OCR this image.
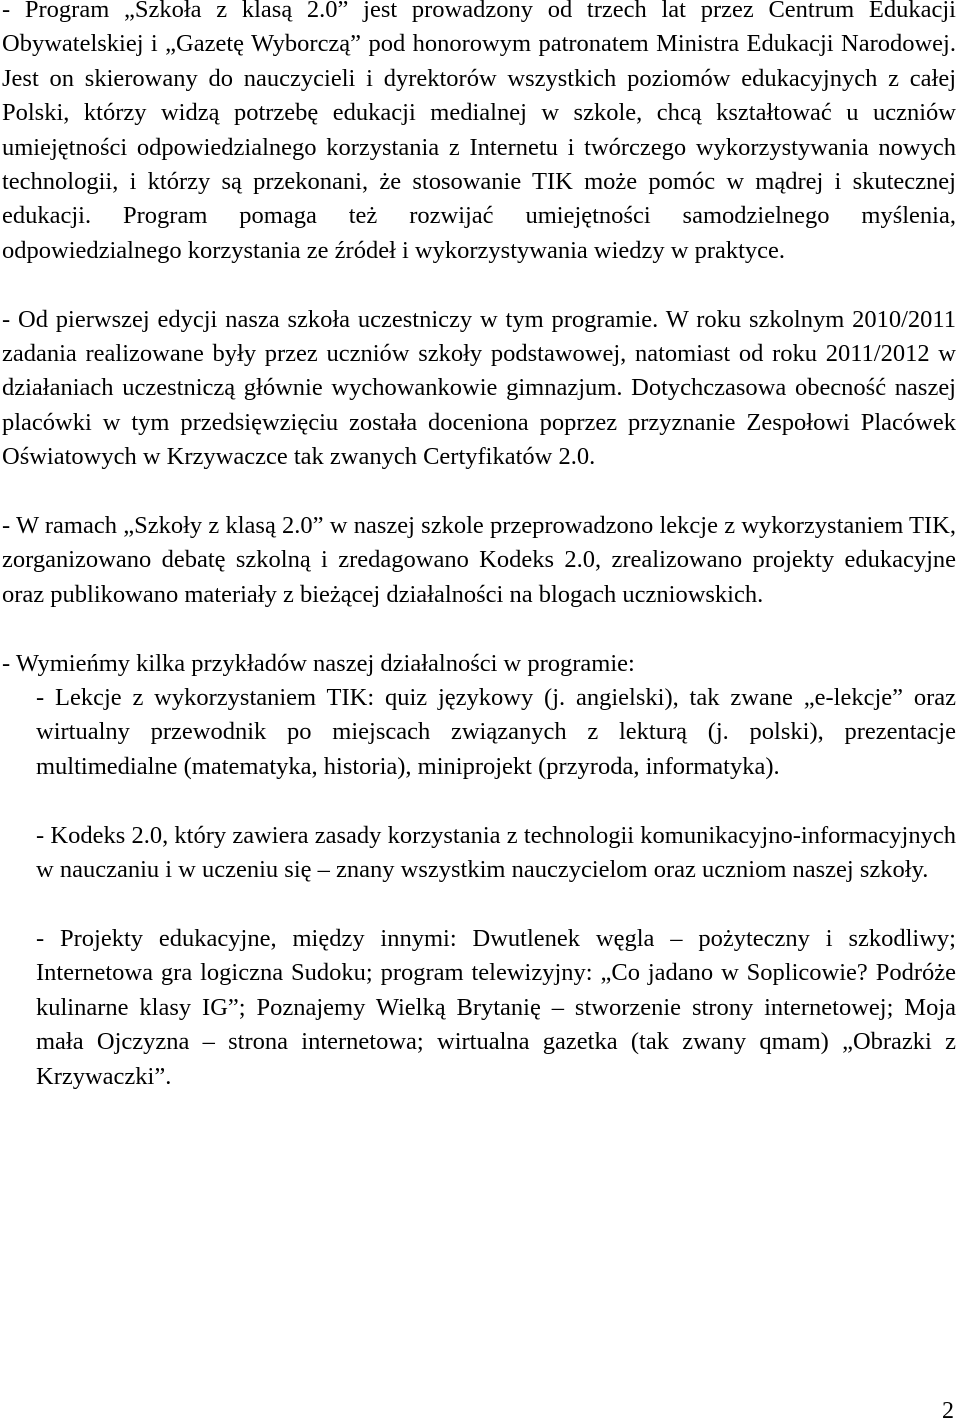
- Program „Szkoła z klasą 2.0” jest prowadzony od trzech lat przez Centrum Edukacji Obywatelskiej i „Gazetę Wyborczą” pod honorowym patronatem Ministra Edukacji Narodowej. Jest on skierowany do nauczycieli i dyrektorów wszystkich poziomów edukacyjnych z całej Polski, którzy widzą potrzebę edukacji medialnej w szkole, chcą kształtować u uczniów umiejętności odpowiedzialnego korzystania z Internetu i twórczego wykorzystywania nowych technologii, i którzy są przekonani, że stosowanie TIK może pomóc w mądrej i skutecznej edukacji. Program pomaga też rozwijać umiejętności samodzielnego myślenia, odpowiedzialnego korzystania ze źródeł i wykorzystywania wiedzy w praktyce.

- Od pierwszej edycji nasza szkoła uczestniczy w tym programie. W roku szkolnym 2010/2011 zadania realizowane były przez uczniów szkoły podstawowej, natomiast od roku 2011/2012 w działaniach uczestniczą głównie wychowankowie gimnazjum. Dotychczasowa obecność naszej placówki w tym przedsięwzięciu została doceniona poprzez przyznanie Zespołowi Placówek Oświatowych w Krzywaczce tak zwanych Certyfikatów 2.0.

- W ramach „Szkoły z klasą 2.0” w naszej szkole przeprowadzono lekcje z wykorzystaniem TIK, zorganizowano debatę szkolną i zredagowano Kodeks 2.0, zrealizowano projekty edukacyjne oraz publikowano materiały z bieżącej działalności na blogach uczniowskich.

- Wymieńmy kilka przykładów naszej działalności w programie:

- Lekcje z wykorzystaniem TIK: quiz językowy (j. angielski), tak zwane „e-lekcje” oraz wirtualny przewodnik po miejscach związanych z lekturą (j. polski), prezentacje multimedialne (matematyka, historia), miniprojekt (przyroda, informatyka).

- Kodeks 2.0, który zawiera zasady korzystania z technologii komunikacyjno-informacyjnych w nauczaniu i w uczeniu się – znany wszystkim nauczycielom oraz uczniom naszej szkoły.

- Projekty edukacyjne, między innymi: Dwutlenek węgla – pożyteczny i szkodliwy; Internetowa gra logiczna Sudoku; program telewizyjny: „Co jadano w Soplicowie? Podróże kulinarne klasy IG”; Poznajemy Wielką Brytanię – stworzenie strony internetowej; Moja mała Ojczyzna – strona internetowa; wirtualna gazetka (tak zwany qmam) „Obrazki z Krzywaczki”.

2
